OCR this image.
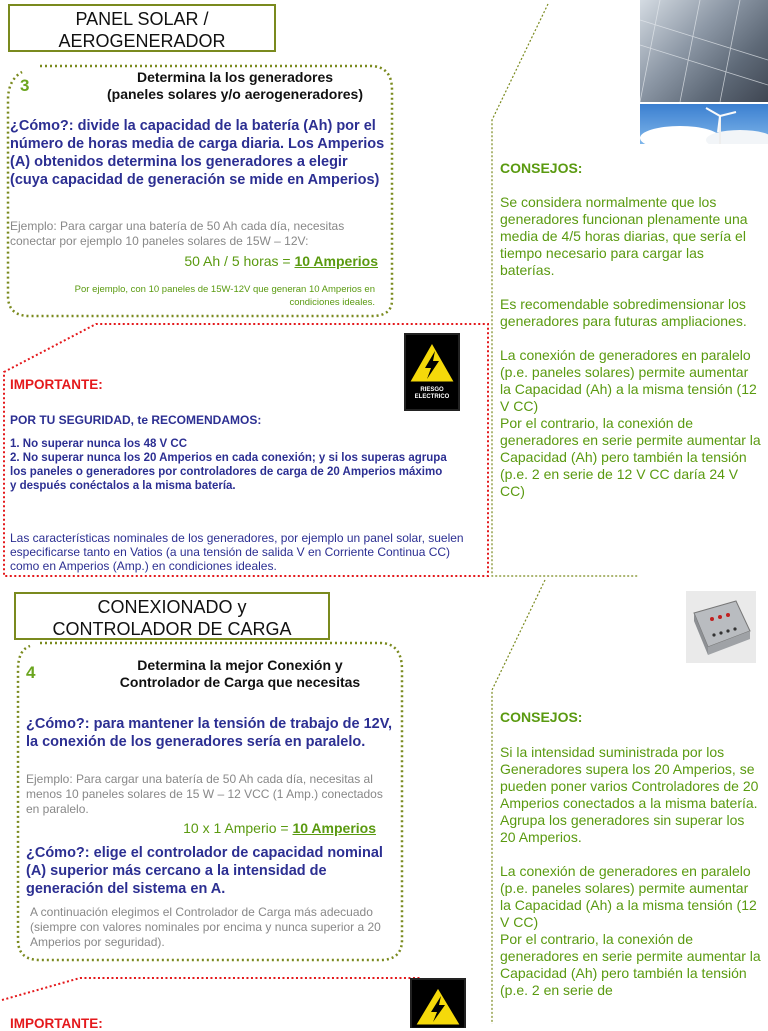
PANEL SOLAR /
AEROGENERADOR
3	Determina la los generadores
(paneles solares y/o aerogeneradores)
¿Cómo?: divide la capacidad de la batería (Ah) por el número de horas media de carga diaria. Los Amperios (A) obtenidos determina los generadores a elegir (cuya capacidad de generación se mide en Amperios)
Ejemplo: Para cargar una batería de 50 Ah cada día, necesitas conectar por ejemplo 10 paneles solares de 15W – 12V:
50 Ah / 5 horas = 10 Amperios
Por ejemplo, con 10 paneles de 15W-12V que generan 10 Amperios en
condiciones ideales.
RIESGO
ELECTRICO
IMPORTANTE:
POR TU SEGURIDAD, te RECOMENDAMOS:
1. No superar nunca los 48 V CC
2. No superar nunca los 20 Amperios en cada conexión; y si los superas agrupa los paneles o generadores por controladores de carga de 20 Amperios máximo y después conéctalos a la misma batería.
Las características nominales de los generadores, por ejemplo un panel solar, suelen especificarse tanto en Vatios (a una tensión de salida V en Corriente Continua CC) como en Amperios (Amp.) en condiciones ideales.
CONSEJOS:

Se considera normalmente que los generadores funcionan plenamente una media de 4/5 horas diarias, que sería el tiempo necesario para cargar las baterías.

Es recomendable sobredimensionar los generadores para futuras ampliaciones.

La conexión de generadores en paralelo (p.e. paneles solares) permite aumentar la Capacidad (Ah) a la misma tensión (12 V CC)

Por el contrario, la conexión de generadores en serie permite aumentar la Capacidad (Ah) pero también la tensión (p.e. 2 en serie de 12 V CC daría 24 V CC)

CONEXIONADO y
CONTROLADOR DE CARGA
4	Determina la mejor Conexión y
Controlador de Carga que necesitas
¿Cómo?: para mantener la tensión de trabajo de 12V, la conexión de los generadores sería en paralelo.
Ejemplo: Para cargar una batería de 50 Ah cada día, necesitas al menos 10 paneles solares de 15 W – 12 VCC (1 Amp.) conectados en paralelo.
10 x 1 Amperio = 10 Amperios
¿Cómo?: elige el controlador de capacidad nominal (A) superior más cercano a la intensidad de generación del sistema en A.
A continuación elegimos el Controlador de Carga más adecuado (siempre con valores nominales por encima y nunca superior a 20 Amperios por seguridad).
IMPORTANTE:
CONSEJOS:

Si la intensidad suministrada por los Generadores supera los 20 Amperios, se pueden poner varios Controladores de 20 Amperios conectados a la misma batería. Agrupa los generadores sin superar los 20 Amperios.

La conexión de generadores en paralelo (p.e. paneles solares) permite aumentar la Capacidad (Ah) a la misma tensión (12 V CC)

Por el contrario, la conexión de generadores en serie permite aumentar la Capacidad (Ah) pero también la tensión (p.e. 2 en serie de
